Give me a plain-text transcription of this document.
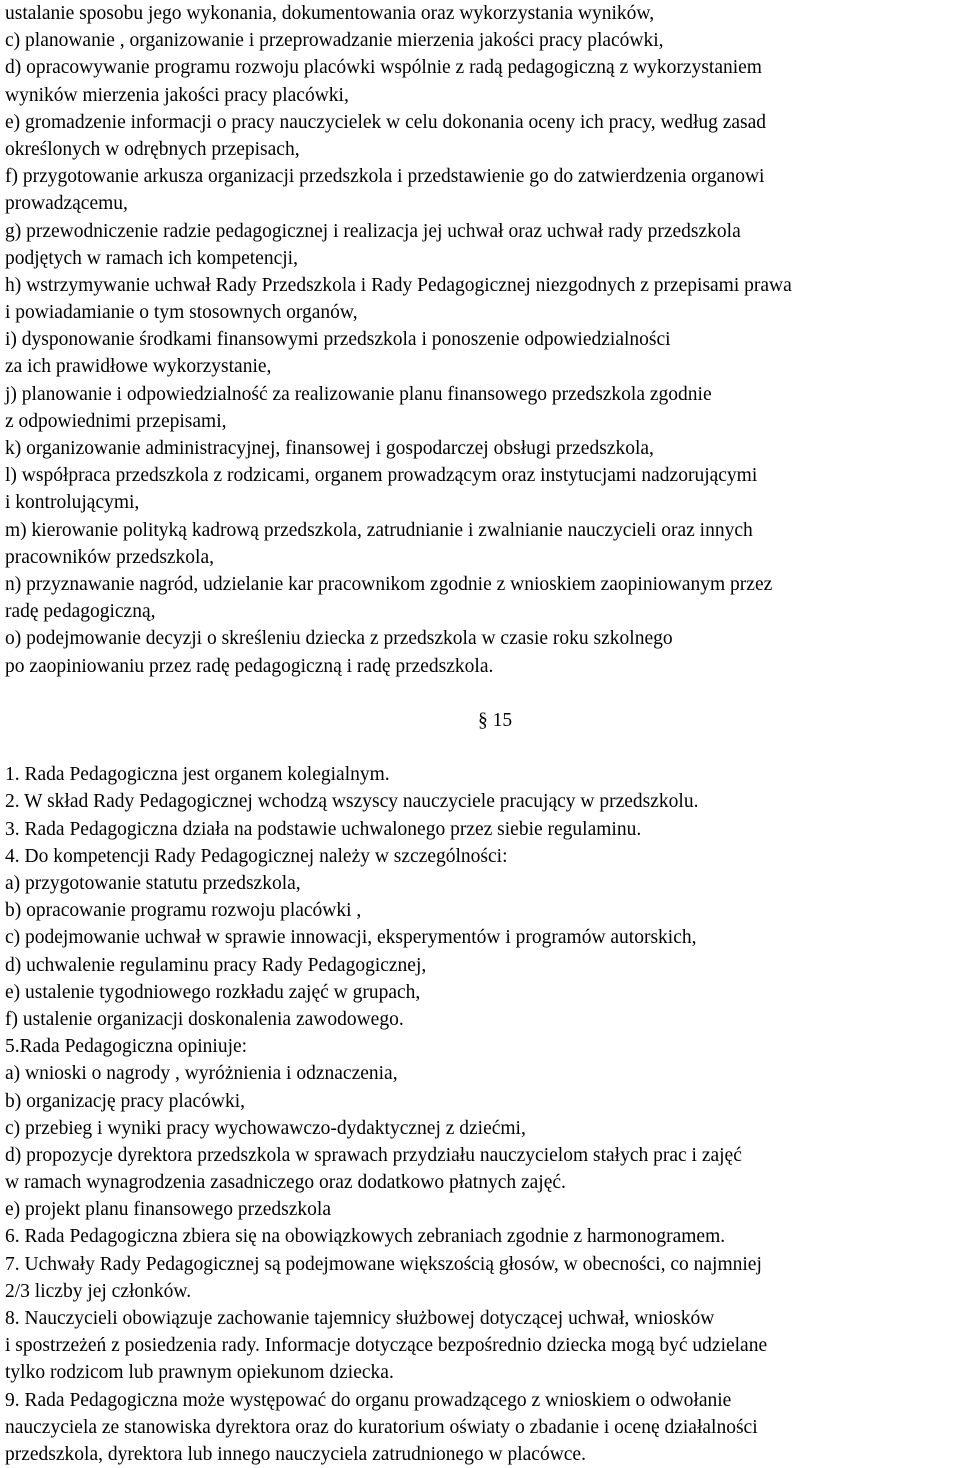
ustalanie sposobu jego wykonania, dokumentowania oraz wykorzystania wyników,
c) planowanie , organizowanie i przeprowadzanie mierzenia jakości pracy placówki,
d) opracowywanie programu rozwoju placówki wspólnie z radą pedagogiczną z wykorzystaniem
wyników mierzenia jakości pracy placówki,
e) gromadzenie informacji o pracy nauczycielek w celu dokonania oceny ich pracy, według zasad
określonych w odrębnych przepisach,
f) przygotowanie arkusza organizacji przedszkola i przedstawienie go do zatwierdzenia organowi
prowadzącemu,
g) przewodniczenie radzie pedagogicznej i realizacja jej uchwał oraz uchwał rady przedszkola
podjętych w ramach ich kompetencji,
h) wstrzymywanie uchwał Rady Przedszkola i Rady Pedagogicznej niezgodnych z przepisami prawa
i powiadamianie o tym stosownych organów,
i) dysponowanie środkami finansowymi przedszkola i ponoszenie odpowiedzialności
za ich prawidłowe wykorzystanie,
j) planowanie i odpowiedzialność za realizowanie planu finansowego przedszkola zgodnie
z odpowiednimi przepisami,
k) organizowanie administracyjnej, finansowej i gospodarczej obsługi przedszkola,
l) współpraca przedszkola z rodzicami, organem prowadzącym oraz instytucjami nadzorującymi
i kontrolującymi,
m) kierowanie polityką kadrową przedszkola, zatrudnianie i zwalnianie nauczycieli oraz innych
pracowników przedszkola,
n) przyznawanie nagród, udzielanie kar pracownikom zgodnie z wnioskiem zaopiniowanym przez
radę pedagogiczną,
o) podejmowanie decyzji o skreśleniu dziecka z przedszkola w czasie roku szkolnego
po zaopiniowaniu przez radę pedagogiczną i radę przedszkola.
§ 15
1. Rada Pedagogiczna jest organem kolegialnym.
2. W skład Rady Pedagogicznej wchodzą wszyscy nauczyciele pracujący w przedszkolu.
3. Rada Pedagogiczna działa na podstawie uchwalonego przez siebie regulaminu.
4. Do kompetencji Rady Pedagogicznej należy w szczególności:
a) przygotowanie statutu przedszkola,
b) opracowanie programu rozwoju placówki ,
c) podejmowanie uchwał w sprawie innowacji, eksperymentów i programów autorskich,
d) uchwalenie regulaminu pracy Rady Pedagogicznej,
e) ustalenie tygodniowego rozkładu zajęć w grupach,
f) ustalenie organizacji doskonalenia zawodowego.
5.Rada Pedagogiczna opiniuje:
a) wnioski o nagrody , wyróżnienia i odznaczenia,
b) organizację pracy placówki,
c) przebieg i wyniki pracy wychowawczo-dydaktycznej z dziećmi,
d) propozycje dyrektora przedszkola w sprawach przydziału nauczycielom stałych prac i zajęć
w ramach wynagrodzenia zasadniczego oraz dodatkowo płatnych zajęć.
e) projekt planu finansowego przedszkola
6. Rada Pedagogiczna zbiera się na obowiązkowych zebraniach zgodnie z harmonogramem.
7. Uchwały Rady Pedagogicznej są podejmowane większością głosów, w obecności, co najmniej
2/3 liczby jej członków.
8. Nauczycieli obowiązuje zachowanie tajemnicy służbowej dotyczącej uchwał, wniosków
i spostrzeżeń z posiedzenia rady. Informacje dotyczące bezpośrednio dziecka mogą być udzielane
tylko rodzicom lub prawnym opiekunom dziecka.
9. Rada Pedagogiczna może występować do organu prowadzącego z wnioskiem o odwołanie
nauczyciela ze stanowiska dyrektora oraz do kuratorium oświaty o zbadanie i ocenę działalności
przedszkola, dyrektora lub innego nauczyciela zatrudnionego w placówce.
